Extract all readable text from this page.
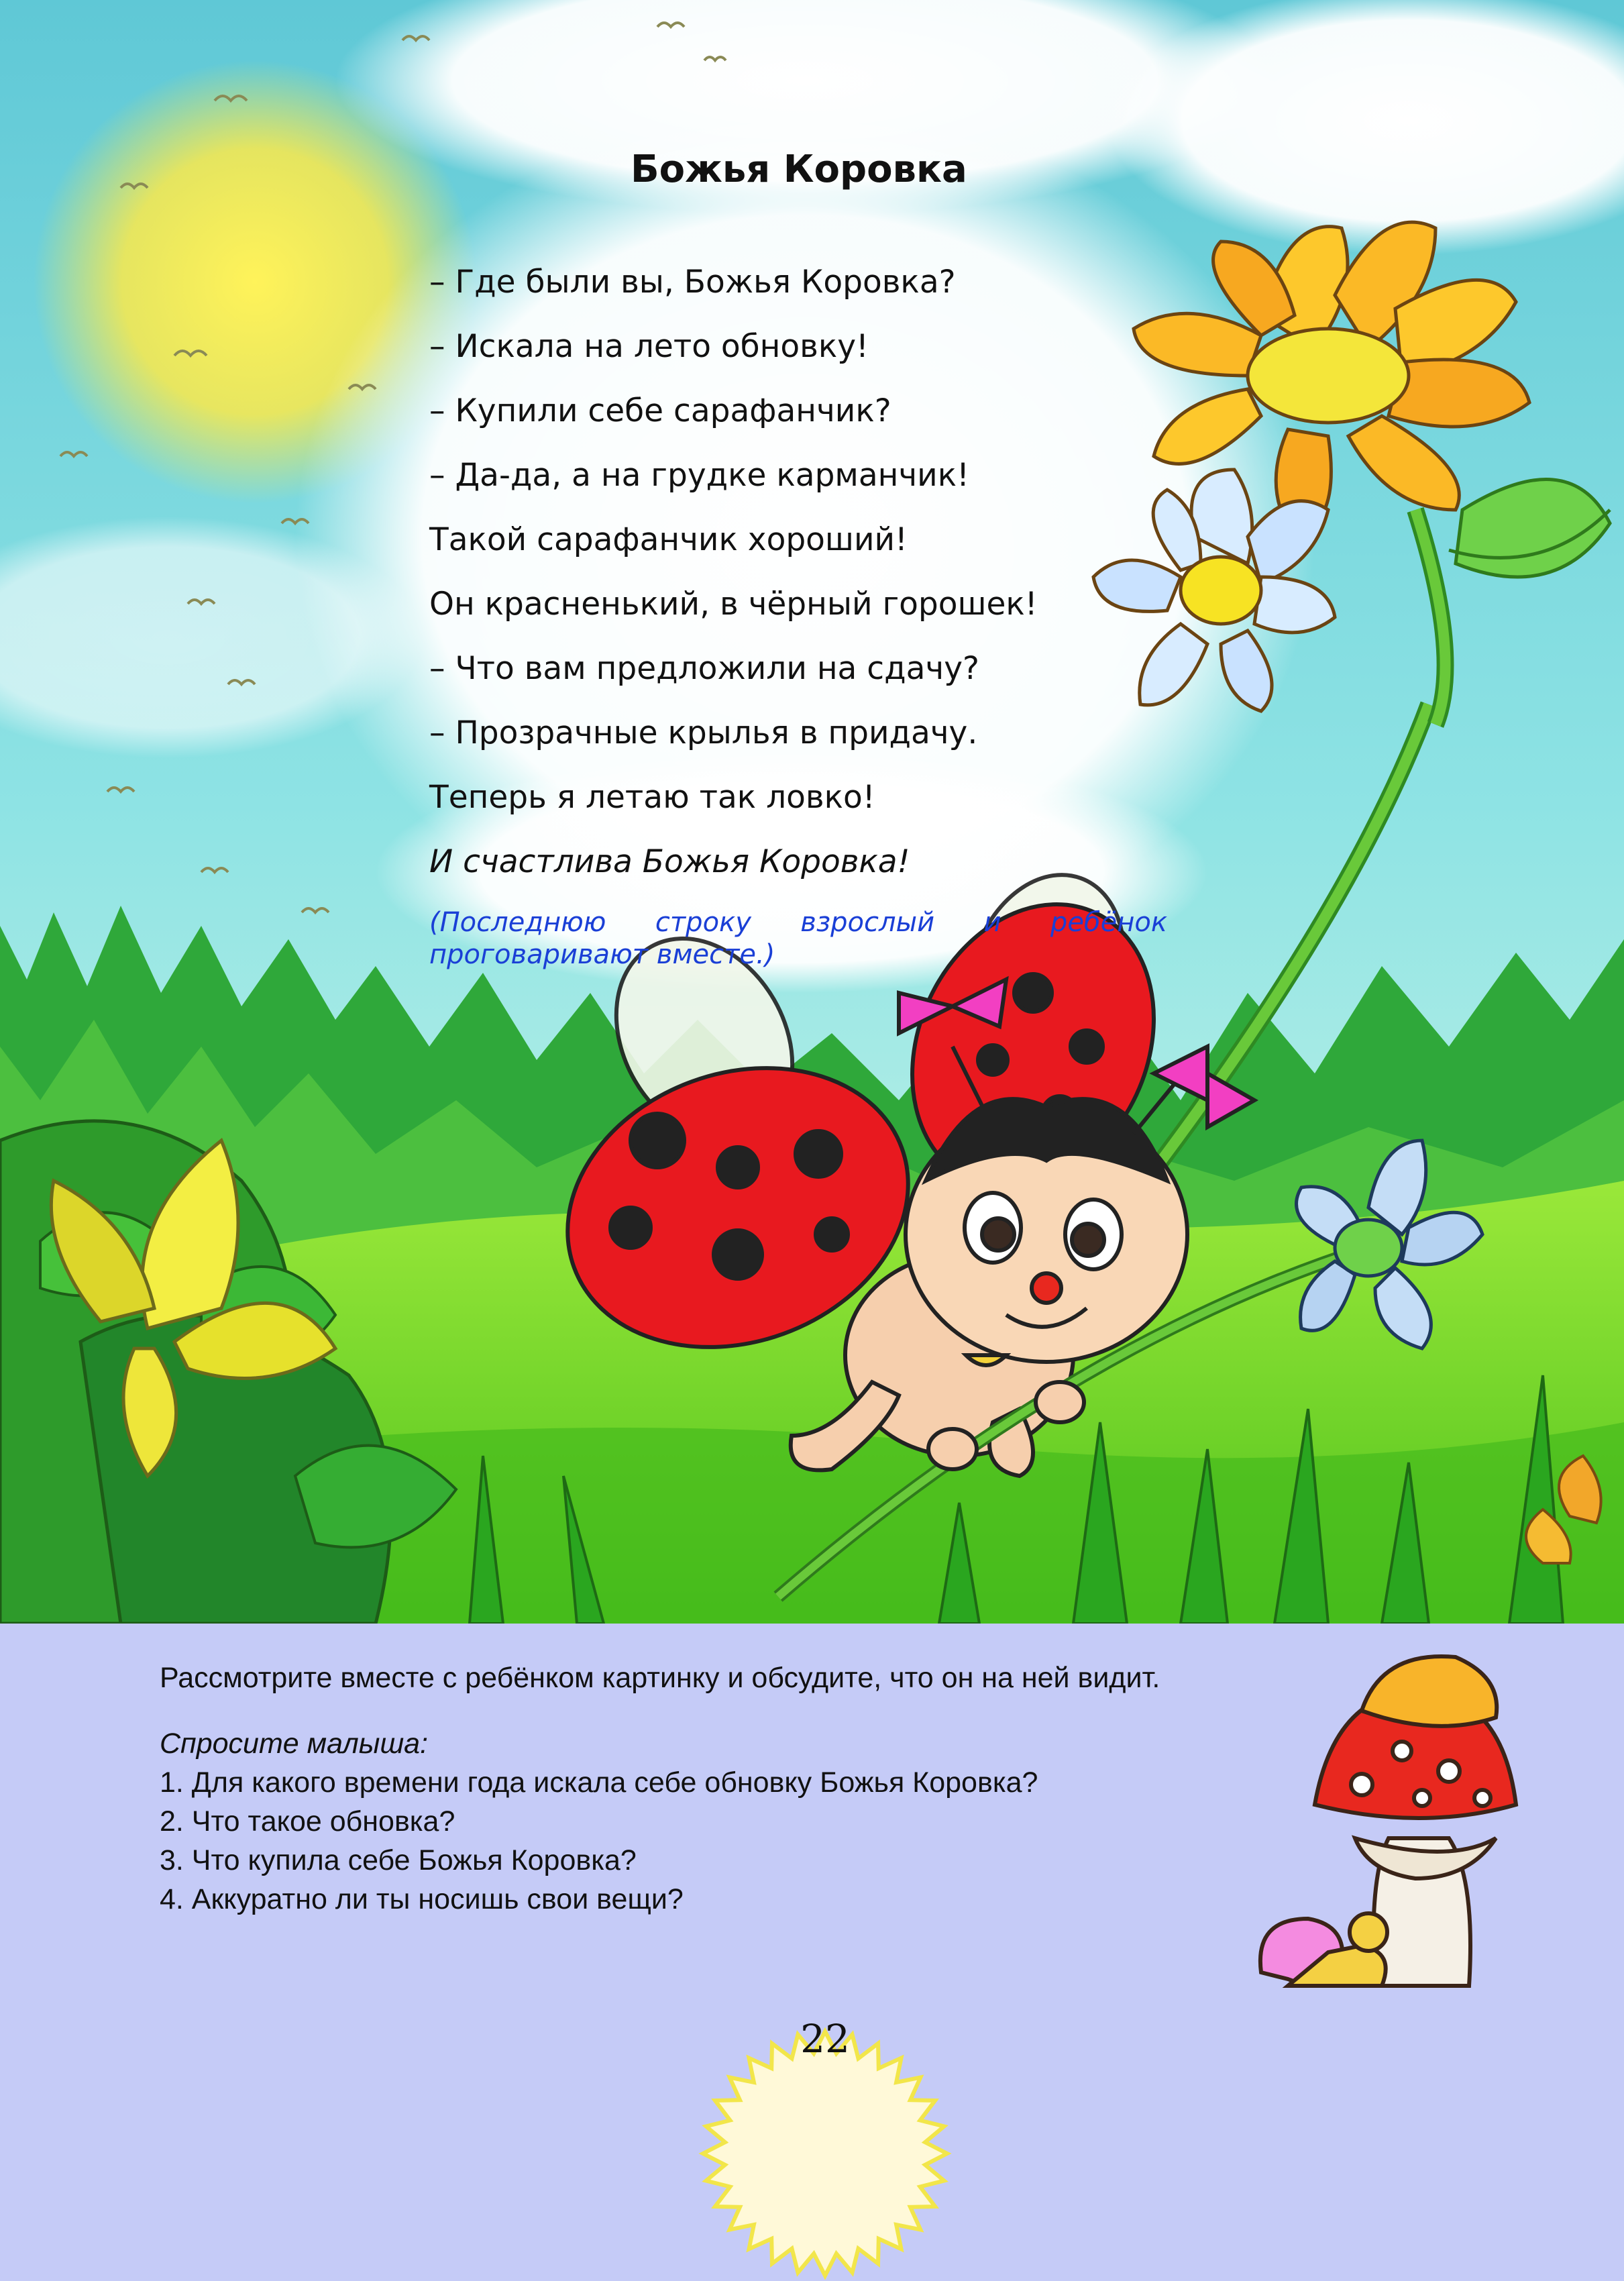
Божья Коровка
– Где были вы, Божья Коровка?
– Искала на лето обновку!
– Купили себе сарафанчик?
– Да-да, а на грудке карманчик!
Такой сарафанчик хороший!
Он красненький, в чёрный горошек!
– Что вам предложили на сдачу?
– Прозрачные крылья в придачу.
Теперь я летаю так ловко!
И счастлива Божья Коровка!
(Последнюю строку взрослый и ребёнок проговаривают вместе.)

Рассмотрите вместе с ребёнком картинку и обсудите, что он на ней видит.

Спросите малыша:

1. Для какого времени года искала себе обновку Божья Коровка?
2. Что такое обновка?
3. Что купила себе Божья Коровка?
4. Аккуратно ли ты носишь свои вещи?
22
